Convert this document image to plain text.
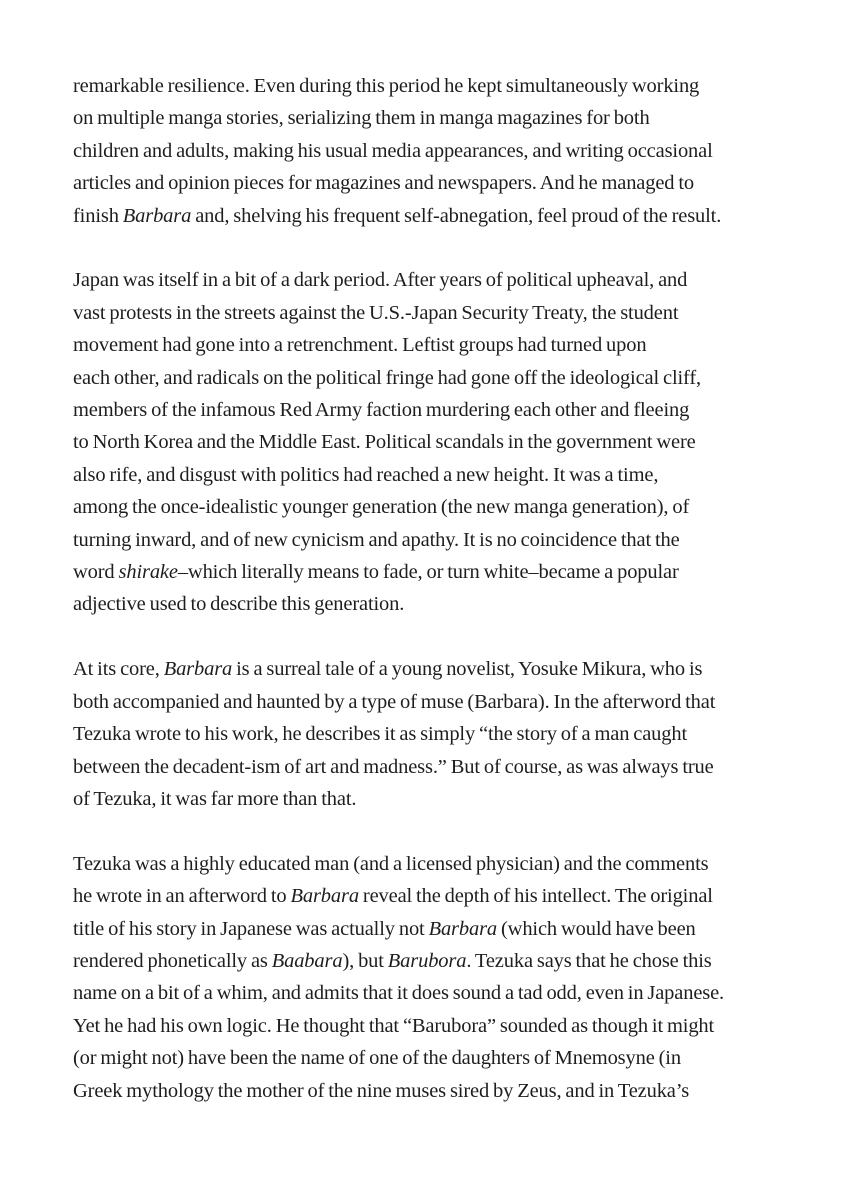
remarkable resilience. Even during this period he kept simultaneously working
on multiple manga stories, serializing them in manga magazines for both
children and adults, making his usual media appearances, and writing occasional
articles and opinion pieces for magazines and newspapers. And he managed to
finish Barbara and, shelving his frequent self-abnegation, feel proud of the result.

Japan was itself in a bit of a dark period. After years of political upheaval, and
vast protests in the streets against the U.S.-Japan Security Treaty, the student
movement had gone into a retrenchment. Leftist groups had turned upon
each other, and radicals on the political fringe had gone off the ideological cliff,
members of the infamous Red Army faction murdering each other and fleeing
to North Korea and the Middle East. Political scandals in the government were
also rife, and disgust with politics had reached a new height. It was a time,
among the once-idealistic younger generation (the new manga generation), of
turning inward, and of new cynicism and apathy. It is no coincidence that the
word shirake–which literally means to fade, or turn white–became a popular
adjective used to describe this generation.

At its core, Barbara is a surreal tale of a young novelist, Yosuke Mikura, who is
both accompanied and haunted by a type of muse (Barbara). In the afterword that
Tezuka wrote to his work, he describes it as simply “the story of a man caught
between the decadent-ism of art and madness.” But of course, as was always true
of Tezuka, it was far more than that.

Tezuka was a highly educated man (and a licensed physician) and the comments
he wrote in an afterword to Barbara reveal the depth of his intellect. The original
title of his story in Japanese was actually not Barbara (which would have been
rendered phonetically as Baabara), but Barubora. Tezuka says that he chose this
name on a bit of a whim, and admits that it does sound a tad odd, even in Japanese.
Yet he had his own logic. He thought that “Barubora” sounded as though it might
(or might not) have been the name of one of the daughters of Mnemosyne (in
Greek mythology the mother of the nine muses sired by Zeus, and in Tezuka’s
